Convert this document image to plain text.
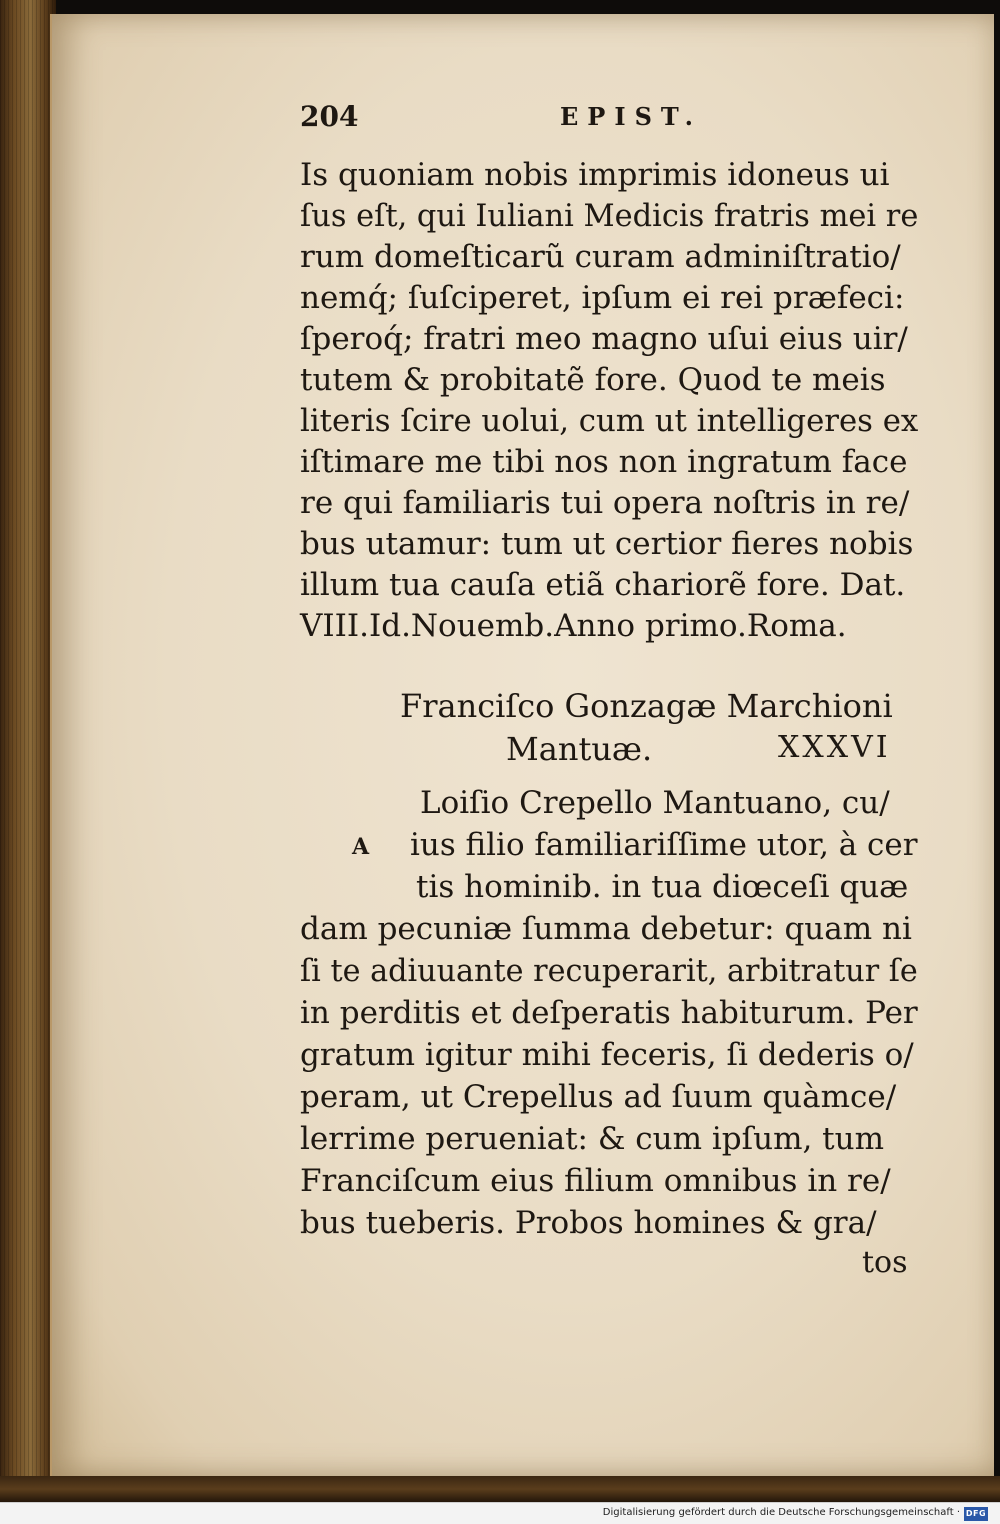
204	EPIST.
Is quoniam nobis imprimis idoneus ui
ſus eſt, qui Iuliani Medicis fratris mei re
rum domeſticarũ curam adminiſtratio/
nemq́; ſuſciperet, ipſum ei rei præfeci:
ſperoq́; fratri meo magno uſui eius uir/
tutem & probitatẽ fore. Quod te meis
literis ſcire uolui, cum ut intelligeres ex
iſtimare me tibi nos non ingratum face
re qui familiaris tui opera noſtris in re/
bus utamur: tum ut certior fieres nobis
illum tua cauſa etiã chariorẽ fore. Dat.
VIII.Id.Nouemb.Anno primo.Roma.
Franciſco Gonzagæ Marchioni
Mantuæ.	XXXVI
A
Loiſio Crepello Mantuano, cu/
ius filio familiariſſime utor, à cer
tis hominib. in tua diœceſi quæ
dam pecuniæ ſumma debetur: quam ni
ſi te adiuuante recuperarit, arbitratur ſe
in perditis et deſperatis habiturum. Per
gratum igitur mihi feceris, ſi dederis o/
peram, ut Crepellus ad ſuum quàmce/
lerrime perueniat: & cum ipſum, tum
Franciſcum eius filium omnibus in re/
bus tueberis. Probos homines & gra/
tos
Digitalisierung gefördert durch die Deutsche Forschungsgemeinschaft · DFG
